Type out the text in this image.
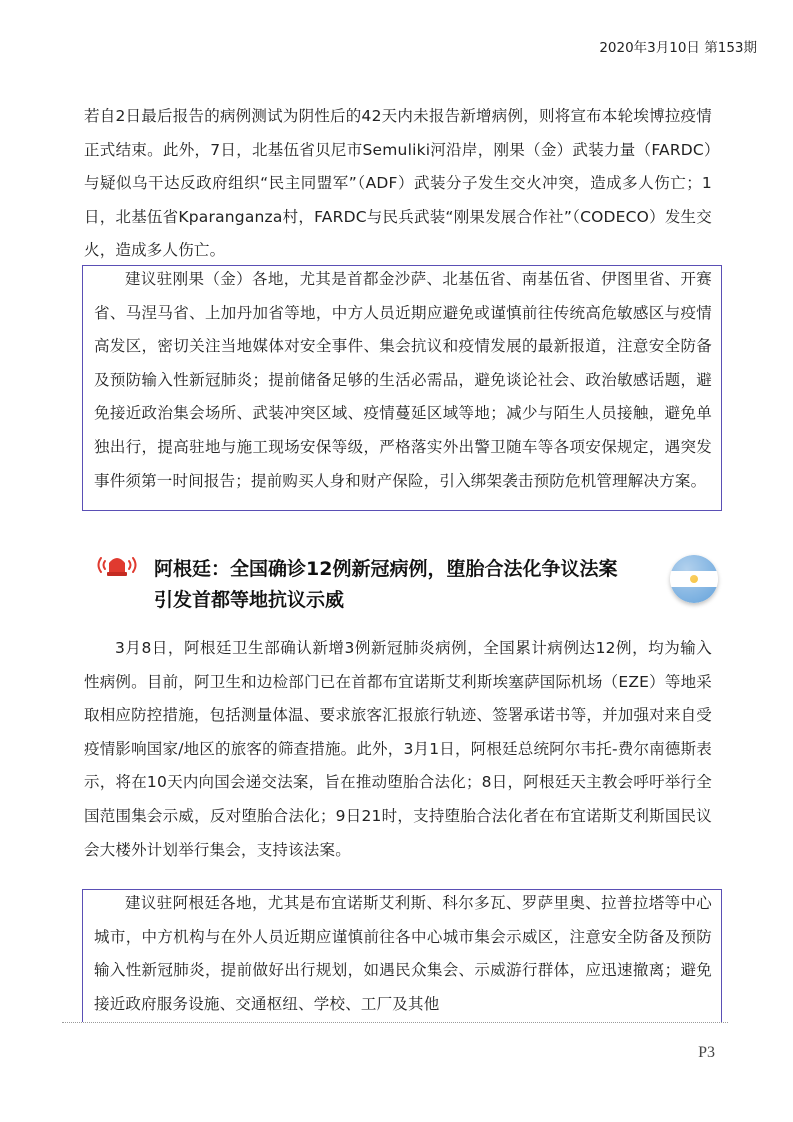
2020年3月10日 第153期

若自2日最后报告的病例测试为阴性后的42天内未报告新增病例，则将宣布本轮埃博拉疫情正式结束。此外，7日，北基伍省贝尼市Semuliki河沿岸，刚果（金）武装力量（FARDC）与疑似乌干达反政府组织“民主同盟军”（ADF）武装分子发生交火冲突，造成多人伤亡；1日，北基伍省Kparanganza村，FARDC与民兵武装“刚果发展合作社”（CODECO）发生交火，造成多人伤亡。

建议驻刚果（金）各地，尤其是首都金沙萨、北基伍省、南基伍省、伊图里省、开赛省、马涅马省、上加丹加省等地，中方人员近期应避免或谨慎前往传统高危敏感区与疫情高发区，密切关注当地媒体对安全事件、集会抗议和疫情发展的最新报道，注意安全防备及预防输入性新冠肺炎；提前储备足够的生活必需品，避免谈论社会、政治敏感话题，避免接近政治集会场所、武装冲突区域、疫情蔓延区域等地；减少与陌生人员接触，避免单独出行，提高驻地与施工现场安保等级，严格落实外出警卫随车等各项安保规定，遇突发事件须第一时间报告；提前购买人身和财产保险，引入绑架袭击预防危机管理解决方案。

阿根廷：全国确诊12例新冠病例，堕胎合法化争议法案
引发首都等地抗议示威

3月8日，阿根廷卫生部确认新增3例新冠肺炎病例，全国累计病例达12例，均为输入性病例。目前，阿卫生和边检部门已在首都布宜诺斯艾利斯埃塞萨国际机场（EZE）等地采取相应防控措施，包括测量体温、要求旅客汇报旅行轨迹、签署承诺书等，并加强对来自受疫情影响国家/地区的旅客的筛查措施。此外，3月1日，阿根廷总统阿尔韦托-费尔南德斯表示，将在10天内向国会递交法案，旨在推动堕胎合法化；8日，阿根廷天主教会呼吁举行全国范围集会示威，反对堕胎合法化；9日21时，支持堕胎合法化者在布宜诺斯艾利斯国民议会大楼外计划举行集会，支持该法案。

建议驻阿根廷各地，尤其是布宜诺斯艾利斯、科尔多瓦、罗萨里奥、拉普拉塔等中心城市，中方机构与在外人员近期应谨慎前往各中心城市集会示威区，注意安全防备及预防输入性新冠肺炎，提前做好出行规划，如遇民众集会、示威游行群体，应迅速撤离；避免接近政府服务设施、交通枢纽、学校、工厂及其他

P3
